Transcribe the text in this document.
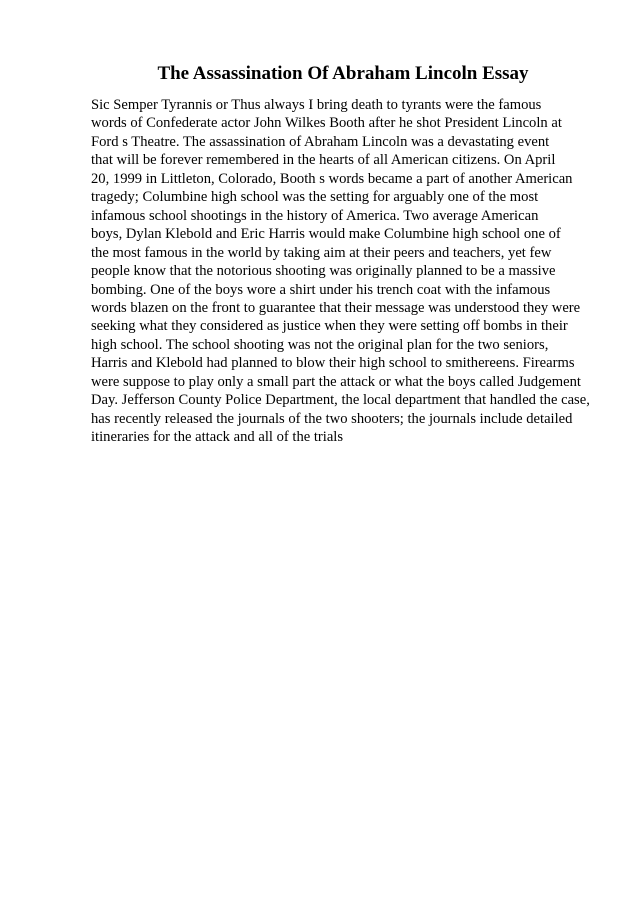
The Assassination Of Abraham Lincoln Essay
Sic Semper Tyrannis or Thus always I bring death to tyrants were the famous
words of Confederate actor John Wilkes Booth after he shot President Lincoln at
Ford s Theatre. The assassination of Abraham Lincoln was a devastating event
that will be forever remembered in the hearts of all American citizens. On April
20, 1999 in Littleton, Colorado, Booth s words became a part of another American
tragedy; Columbine high school was the setting for arguably one of the most
infamous school shootings in the history of America. Two average American
boys, Dylan Klebold and Eric Harris would make Columbine high school one of
the most famous in the world by taking aim at their peers and teachers, yet few
people know that the notorious shooting was originally planned to be a massive
bombing. One of the boys wore a shirt under his trench coat with the infamous
words blazen on the front to guarantee that their message was understood they were
seeking what they considered as justice when they were setting off bombs in their
high school. The school shooting was not the original plan for the two seniors,
Harris and Klebold had planned to blow their high school to smithereens. Firearms
were suppose to play only a small part the attack or what the boys called Judgement
Day. Jefferson County Police Department, the local department that handled the case,
has recently released the journals of the two shooters; the journals include detailed
itineraries for the attack and all of the trials
